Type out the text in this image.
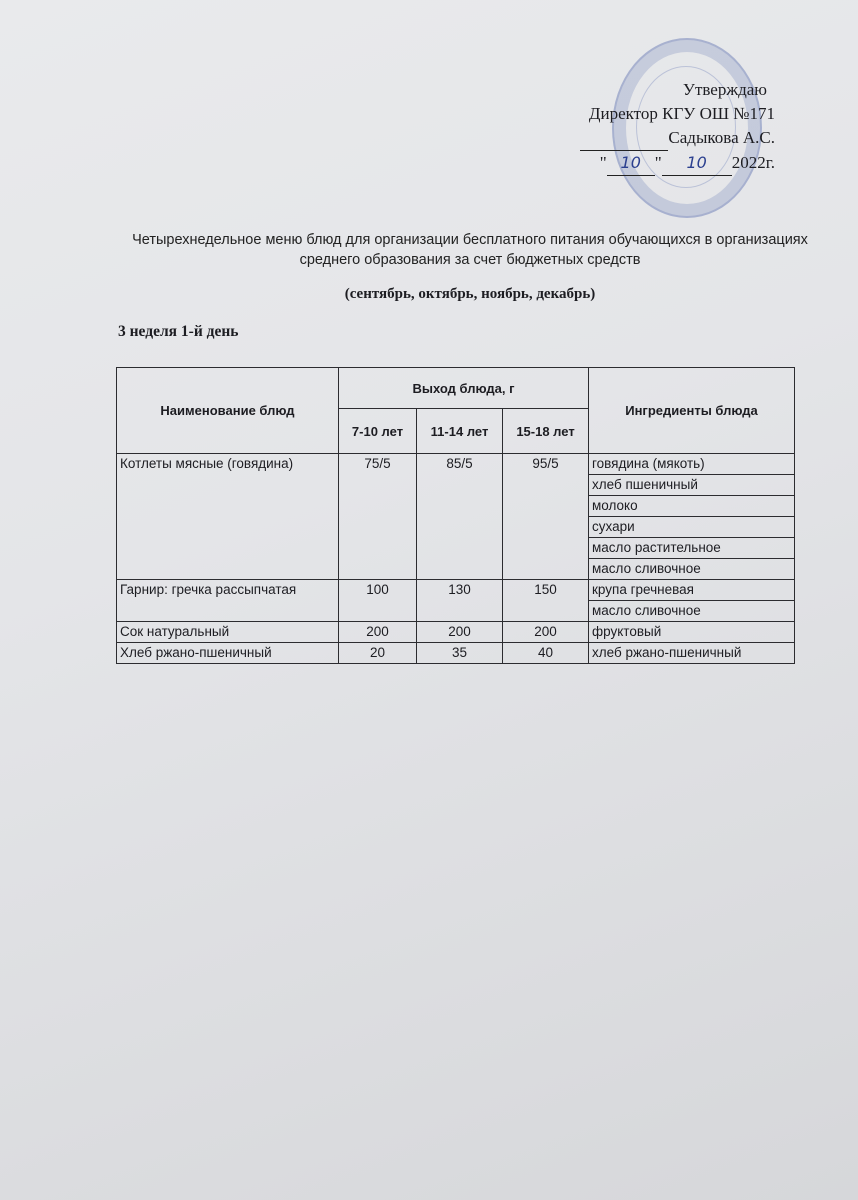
Утверждаю
Директор КГУ ОШ №171
Садыкова А.С.
" 10 " 10 2022г.
Четырехнедельное меню блюд для организации бесплатного питания обучающихся в организациях среднего образования за счет бюджетных средств
(сентябрь, октябрь, ноябрь, декабрь)
3 неделя 1-й день
Наименование блюд	Выход блюда, г			Ингредиенты блюда
	7-10 лет	11-14 лет	15-18 лет	
Котлеты мясные (говядина)	75/5	85/5	95/5	говядина (мякоть)
				хлеб пшеничный
				молоко
				сухари
				масло растительное
				масло сливочное
Гарнир: гречка рассыпчатая	100	130	150	крупа гречневая
				масло сливочное
Сок натуральный	200	200	200	фруктовый
Хлеб ржано-пшеничный	20	35	40	хлеб ржано-пшеничный
